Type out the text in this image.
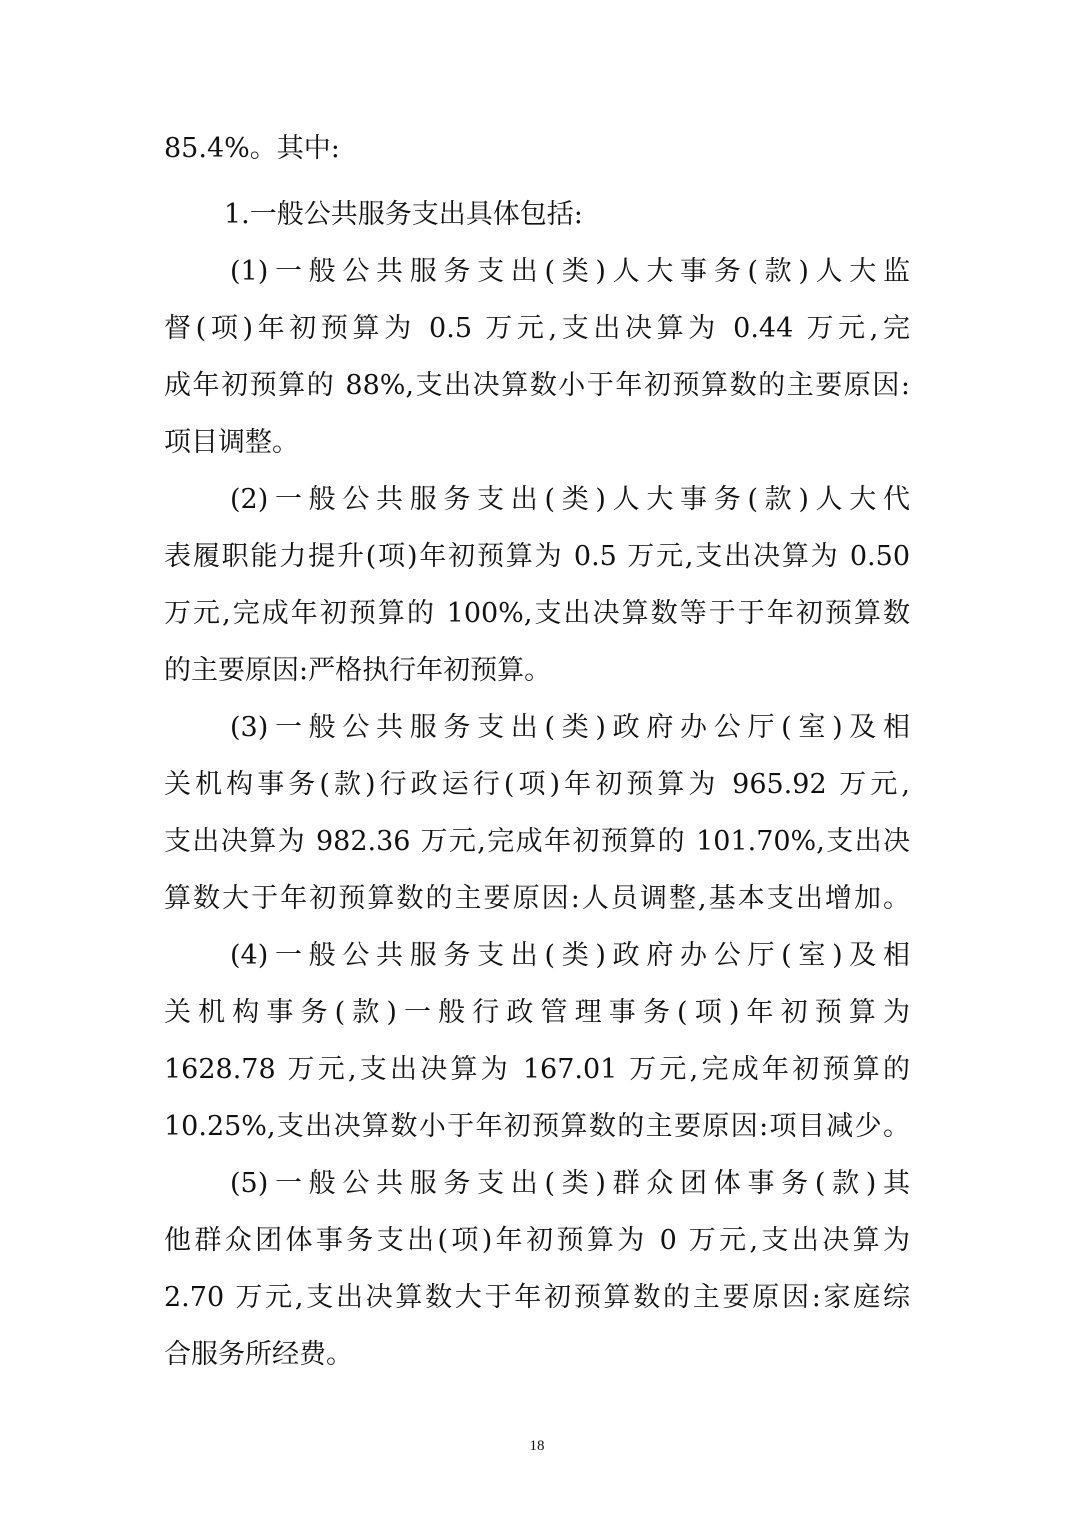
85.4%。其中:
1.一般公共服务支出具体包括:
(1)一般公共服务支出(类)人大事务(款)人大监
督(项)年初预算为 0.5 万元,支出决算为 0.44 万元,完
成年初预算的 88%,支出决算数小于年初预算数的主要原因:
项目调整。
(2)一般公共服务支出(类)人大事务(款)人大代
表履职能力提升(项)年初预算为 0.5 万元,支出决算为 0.50
万元,完成年初预算的 100%,支出决算数等于于年初预算数
的主要原因:严格执行年初预算。
(3)一般公共服务支出(类)政府办公厅(室)及相
关机构事务(款)行政运行(项)年初预算为 965.92 万元,
支出决算为 982.36 万元,完成年初预算的 101.70%,支出决
算数大于年初预算数的主要原因:人员调整,基本支出增加。
(4)一般公共服务支出(类)政府办公厅(室)及相
关机构事务(款)一般行政管理事务(项)年初预算为
1628.78 万元,支出决算为 167.01 万元,完成年初预算的
10.25%,支出决算数小于年初预算数的主要原因:项目减少。
(5)一般公共服务支出(类)群众团体事务(款)其
他群众团体事务支出(项)年初预算为 0 万元,支出决算为
2.70 万元,支出决算数大于年初预算数的主要原因:家庭综
合服务所经费。
18
